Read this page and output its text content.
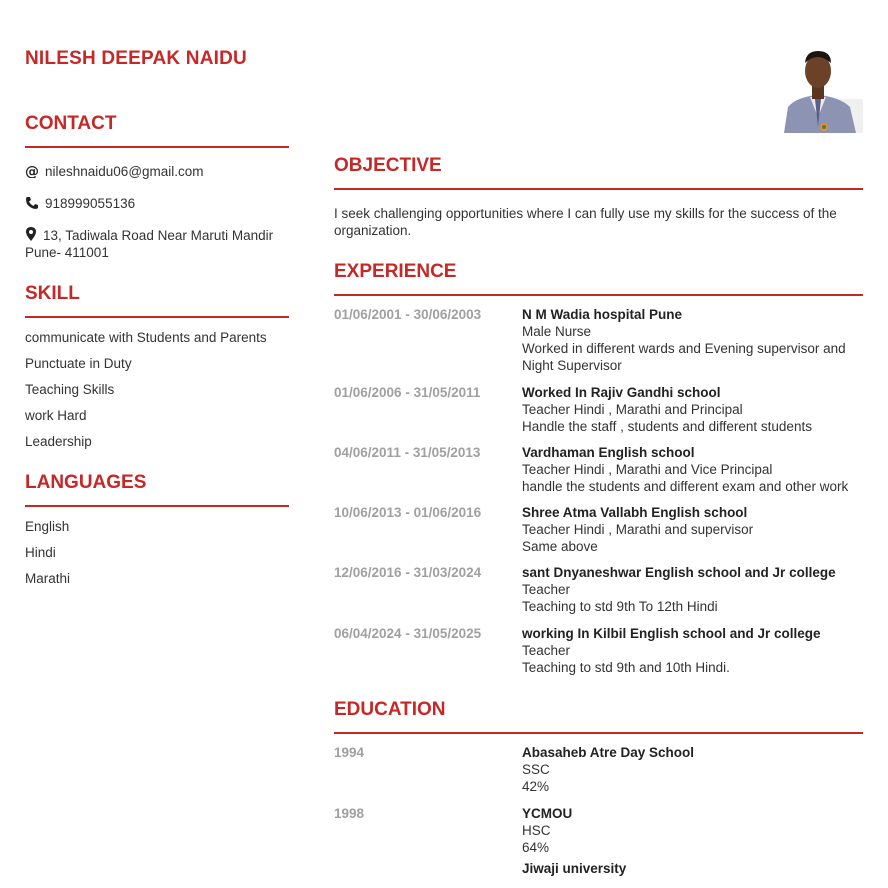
NILESH DEEPAK NAIDU
CONTACT
@ nileshnaidu06@gmail.com
918999055136
13, Tadiwala Road Near Maruti Mandir Pune- 411001
SKILL
communicate with Students and Parents
Punctuate in Duty
Teaching Skills
work Hard
Leadership
LANGUAGES
English
Hindi
Marathi
OBJECTIVE

I seek challenging opportunities where I can fully use my skills for the success of the organization.

EXPERIENCE
01/06/2001 - 30/06/2003	N M Wadia hospital Pune
Male Nurse
Worked in different wards and Evening supervisor and Night Supervisor
01/06/2006 - 31/05/2011	Worked In Rajiv Gandhi school
Teacher Hindi , Marathi and Principal
Handle the staff , students and different students
04/06/2011 - 31/05/2013	Vardhaman English school
Teacher Hindi , Marathi and Vice Principal
handle the students and different exam and other work
10/06/2013 - 01/06/2016	Shree Atma Vallabh English school
Teacher Hindi , Marathi and supervisor
Same above
12/06/2016 - 31/03/2024	sant Dnyaneshwar English school and Jr college
Teacher
Teaching to std 9th To 12th Hindi
06/04/2024 - 31/05/2025	working In Kilbil English school and Jr college
Teacher
Teaching to std 9th and 10th Hindi.
EDUCATION
1994	Abasaheb Atre Day School
SSC
42%
1998	YCMOU
HSC
64%
Jiwaji university
